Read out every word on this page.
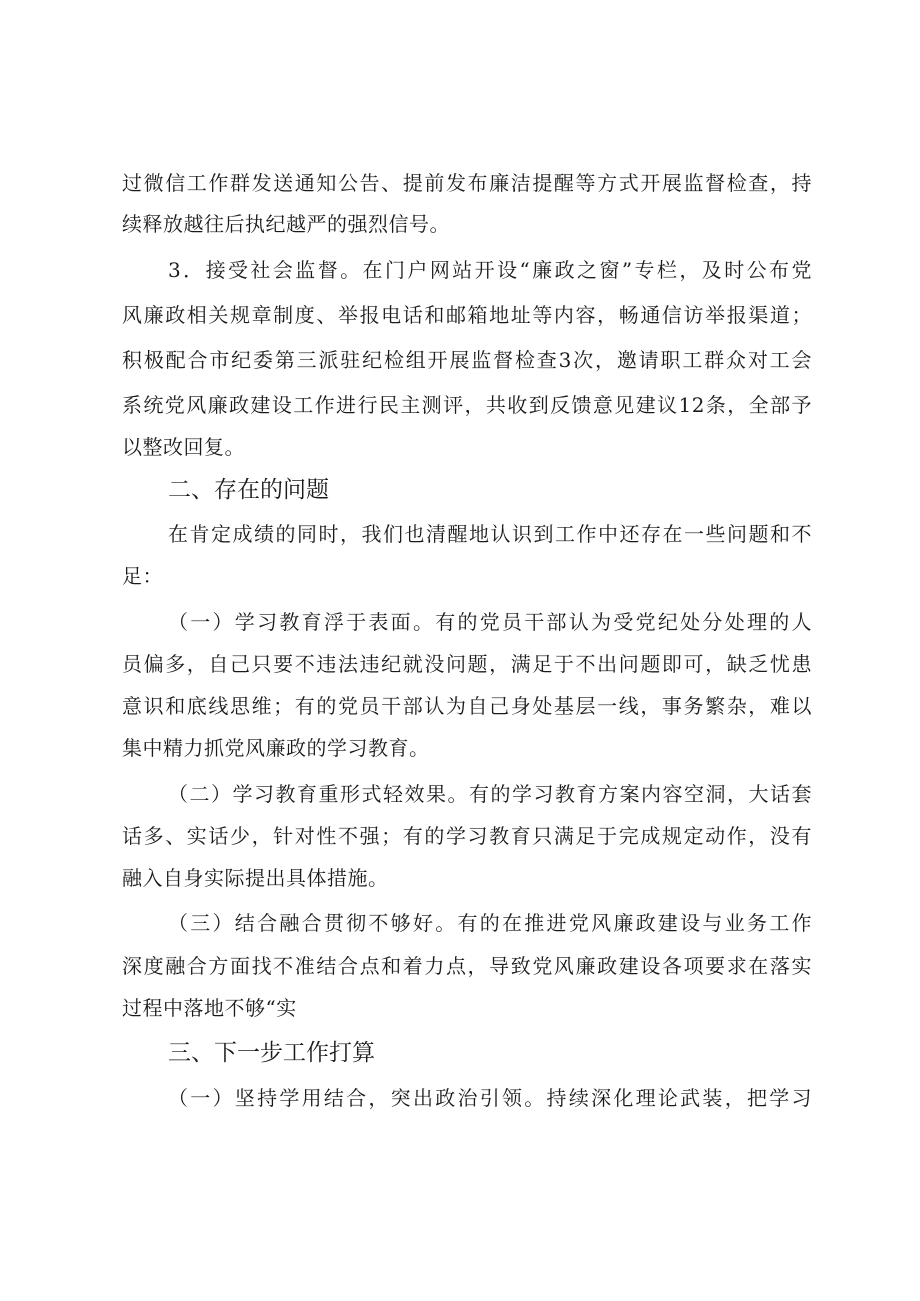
过微信工作群发送通知公告、提前发布廉洁提醒等方式开展监督检查，持

续释放越往后执纪越严的强烈信号。

3．接受社会监督。在门户网站开设“廉政之窗”专栏，及时公布党

风廉政相关规章制度、举报电话和邮箱地址等内容，畅通信访举报渠道；

积极配合市纪委第三派驻纪检组开展监督检查3次，邀请职工群众对工会

系统党风廉政建设工作进行民主测评，共收到反馈意见建议12条，全部予

以整改回复。

二、存在的问题

在肯定成绩的同时，我们也清醒地认识到工作中还存在一些问题和不

足：

（一）学习教育浮于表面。有的党员干部认为受党纪处分处理的人

员偏多，自己只要不违法违纪就没问题，满足于不出问题即可，缺乏忧患

意识和底线思维；有的党员干部认为自己身处基层一线，事务繁杂，难以

集中精力抓党风廉政的学习教育。

（二）学习教育重形式轻效果。有的学习教育方案内容空洞，大话套

话多、实话少，针对性不强；有的学习教育只满足于完成规定动作，没有

融入自身实际提出具体措施。

（三）结合融合贯彻不够好。有的在推进党风廉政建设与业务工作

深度融合方面找不准结合点和着力点，导致党风廉政建设各项要求在落实

过程中落地不够“实

三、下一步工作打算

（一）坚持学用结合，突出政治引领。持续深化理论武装，把学习
